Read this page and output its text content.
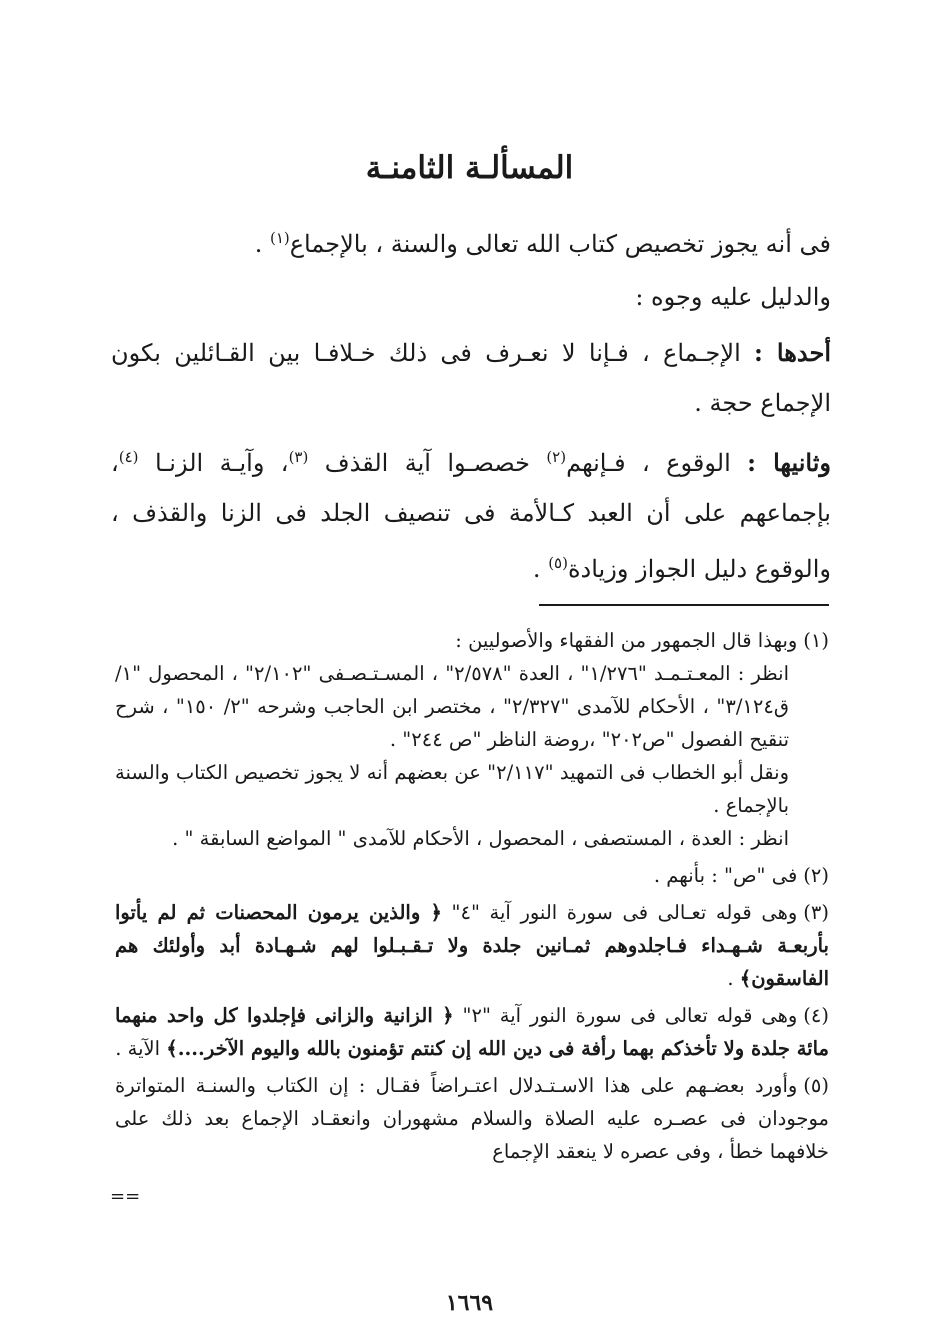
المسألـة الثامنـة

فى أنه يجوز تخصيص كتاب الله تعالى والسنة ، بالإجماع$^{(١)}$ .

والدليل عليه وجوه :

أحدها : الإجـماع ، فـإنا لا نعـرف فى ذلك خـلافـا بين القـائلين بكون الإجماع حجة .

وثانيها : الوقوع ، فـإنهم$^{(٢)}$ خصصـوا آية القذف $^{(٣)}$، وآيـة الزنـا $^{(٤)}$، بإجماعهم على أن العبد كـالأمة فى تنصيف الجلد فى الزنا والقذف ، والوقوع دليل الجواز وزيادة$^{(٥)}$ .

(١)وبهذا قال الجمهور من الفقهاء والأصوليين :
انظر : المعـتـمـد "١/٢٧٦" ، العدة "٢/٥٧٨" ، المسـتـصـفى "٢/١٠٢" ، المحصول "١/ق٣/١٢٤" ، الأحكام للآمدى "٢/٣٢٧" ، مختصر ابن الحاجب وشرحه "٢/ ١٥٠" ، شرح تنقيح الفصول "ص٢٠٢" ،روضة الناظر "ص ٢٤٤" .
ونقل أبو الخطاب فى التمهيد "٢/١١٧" عن بعضهم أنه لا يجوز تخصيص الكتاب والسنة بالإجماع .
انظر : العدة ، المستصفى ، المحصول ، الأحكام للآمدى " المواضع السابقة " .
(٢)فى "ص" : بأنهم .
(٣)وهى قوله تعـالى فى سورة النور آية "٤" ﴿ والذين يرمون المحصنات ثم لم يأتوا بأربعـة شـهـداء فـاجلدوهم ثمـانين جلدة ولا تـقـبـلوا لهم شـهـادة أبد وأولئك هم الفاسقون﴾ .
(٤)وهى قوله تعالى فى سورة النور آية "٢" ﴿ الزانية والزانى فإجلدوا كل واحد منهما مائة جلدة ولا تأخذكم بهما رأفة فى دين الله إن كنتم تؤمنون بالله واليوم الآخر....﴾ الآية .
(٥)وأورد بعضـهم على هذا الاسـتـدلال اعتـراضاً فقـال : إن الكتاب والسنـة المتواترة موجودان فى عصـره عليه الصلاة والسلام مشهوران وانعقـاد الإجماع بعد ذلك على خلافهما خطأ ، وفى عصره لا ينعقد الإجماع
==
١٦٦٩
